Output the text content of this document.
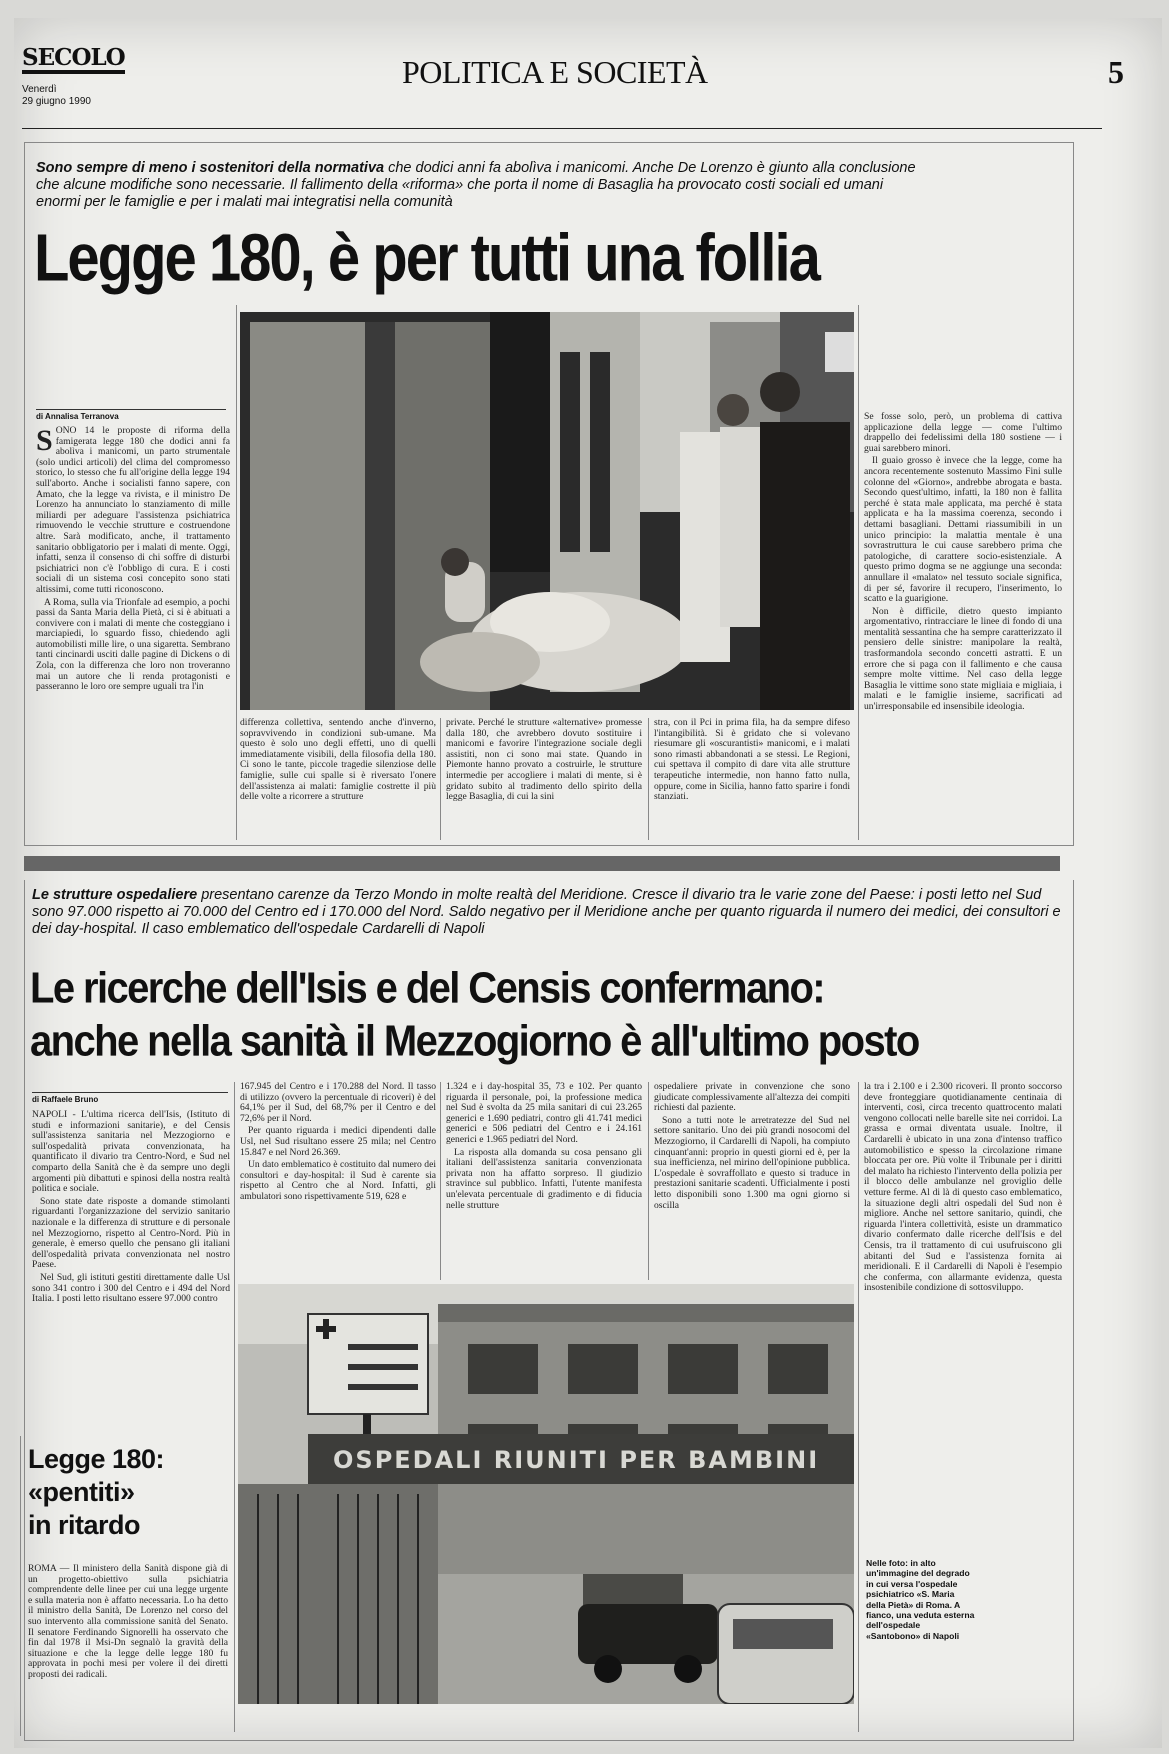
SECOLO
Venerdì
29 giugno 1990
POLITICA E SOCIETÀ	5
Sono sempre di meno i sostenitori della normativa che dodici anni fa abolìva i manicomi. Anche De Lorenzo è giunto alla conclusione che alcune modifiche sono necessarie. Il fallimento della «riforma» che porta il nome di Basaglia ha provocato costi sociali ed umani enormi per le famiglie e per i malati mai integratisi nella comunità
Legge 180, è per tutti una follia
di Annalisa Terranova

SONO 14 le proposte di riforma della famigerata legge 180 che dodici anni fa abolìva i manicomi, un parto strumentale (solo undici articoli) del clima del compromesso storico, lo stesso che fu all'origine della legge 194 sull'aborto. Anche i socialisti fanno sapere, con Amato, che la legge va rivista, e il ministro De Lorenzo ha annunciato lo stanziamento di mille miliardi per adeguare l'assistenza psichiatrica rimuovendo le vecchie strutture e costruendone altre. Sarà modificato, anche, il trattamento sanitario obbligatorio per i malati di mente. Oggi, infatti, senza il consenso di chi soffre di disturbi psichiatrici non c'è l'obbligo di cura. E i costi sociali di un sistema così concepito sono stati altissimi, come tutti riconoscono.

A Roma, sulla via Trionfale ad esempio, a pochi passi da Santa Maria della Pietà, ci si è abituati a convivere con i malati di mente che costeggiano i marciapiedi, lo sguardo fisso, chiedendo agli automobilisti mille lire, o una sigaretta. Sembrano tanti cincinardi usciti dalle pagine di Dickens o di Zola, con la differenza che loro non troveranno mai un autore che li renda protagonisti e passeranno le loro ore sempre uguali tra l'in

differenza collettiva, sentendo anche d'inverno, sopravvivendo in condizioni sub-umane. Ma questo è solo uno degli effetti, uno di quelli immediatamente visibili, della filosofia della 180. Ci sono le tante, piccole tragedie silenziose delle famiglie, sulle cui spalle si è riversato l'onere dell'assistenza ai malati: famiglie costrette il più delle volte a ricorrere a strutture

private. Perché le strutture «alternative» promesse dalla 180, che avrebbero dovuto sostituire i manicomi e favorire l'integrazione sociale degli assistiti, non ci sono mai state. Quando in Piemonte hanno provato a costruirle, le strutture intermedie per accogliere i malati di mente, si è gridato subito al tradimento dello spirito della legge Basaglia, di cui la sini

stra, con il Pci in prima fila, ha da sempre difeso l'intangibilità. Si è gridato che si volevano riesumare gli «oscurantisti» manicomi, e i malati sono rimasti abbandonati a se stessi. Le Regioni, cui spettava il compito di dare vita alle strutture terapeutiche intermedie, non hanno fatto nulla, oppure, come in Sicilia, hanno fatto sparire i fondi stanziati.

Se fosse solo, però, un problema di cattiva applicazione della legge — come l'ultimo drappello dei fedelissimi della 180 sostiene — i guai sarebbero minori.

Il guaio grosso è invece che la legge, come ha ancora recentemente sostenuto Massimo Fini sulle colonne del «Giorno», andrebbe abrogata e basta. Secondo quest'ultimo, infatti, la 180 non è fallita perché è stata male applicata, ma perché è stata applicata e ha la massima coerenza, secondo i dettami basagliani. Dettami riassumibili in un unico principio: la malattia mentale è una sovrastruttura le cui cause sarebbero prima che patologiche, di carattere socio-esistenziale. A questo primo dogma se ne aggiunge una seconda: annullare il «malato» nel tessuto sociale significa, di per sé, favorire il recupero, l'inserimento, lo scatto e la guarigione.

Non è difficile, dietro questo impianto argomentativo, rintracciare le linee di fondo di una mentalità sessantina che ha sempre caratterizzato il pensiero delle sinistre: manipolare la realtà, trasformandola secondo concetti astratti. E un errore che si paga con il fallimento e che causa sempre molte vittime. Nel caso della legge Basaglia le vittime sono state migliaia e migliaia, i malati e le famiglie insieme, sacrificati ad un'irresponsabile ed insensibile ideologia.

Le strutture ospedaliere presentano carenze da Terzo Mondo in molte realtà del Meridione. Cresce il divario tra le varie zone del Paese: i posti letto nel Sud sono 97.000 rispetto ai 70.000 del Centro ed i 170.000 del Nord. Saldo negativo per il Meridione anche per quanto riguarda il numero dei medici, dei consultori e dei day-hospital. Il caso emblematico dell'ospedale Cardarelli di Napoli
Le ricerche dell'Isis e del Censis confermano:
anche nella sanità il Mezzogiorno è all'ultimo posto
di Raffaele Bruno

NAPOLI - L'ultima ricerca dell'Isis, (Istituto di studi e informazioni sanitarie), e del Censis sull'assistenza sanitaria nel Mezzogiorno e sull'ospedalità privata convenzionata, ha quantificato il divario tra Centro-Nord, e Sud nel comparto della Sanità che è da sempre uno degli argomenti più dibattuti e spinosi della nostra realtà politica e sociale.

Sono state date risposte a domande stimolanti riguardanti l'organizzazione del servizio sanitario nazionale e la differenza di strutture e di personale nel Mezzogiorno, rispetto al Centro-Nord. Più in generale, è emerso quello che pensano gli italiani dell'ospedalità privata convenzionata nel nostro Paese.

Nel Sud, gli istituti gestiti direttamente dalle Usl sono 341 contro i 300 del Centro e i 494 del Nord Italia. I posti letto risultano essere 97.000 contro

167.945 del Centro e i 170.288 del Nord. Il tasso di utilizzo (ovvero la percentuale di ricoveri) è del 64,1% per il Sud, del 68,7% per il Centro e del 72,6% per il Nord.

Per quanto riguarda i medici dipendenti dalle Usl, nel Sud risultano essere 25 mila; nel Centro 15.847 e nel Nord 26.369.

Un dato emblematico è costituito dal numero dei consultori e day-hospital: il Sud è carente sia rispetto al Centro che al Nord. Infatti, gli ambulatori sono rispettivamente 519, 628 e

1.324 e i day-hospital 35, 73 e 102. Per quanto riguarda il personale, poi, la professione medica nel Sud è svolta da 25 mila sanitari di cui 23.265 generici e 1.690 pediatri, contro gli 41.741 medici generici e 506 pediatri del Centro e i 24.161 generici e 1.965 pediatri del Nord.

La risposta alla domanda su cosa pensano gli italiani dell'assistenza sanitaria convenzionata privata non ha affatto sorpreso. Il giudizio stravince sul pubblico. Infatti, l'utente manifesta un'elevata percentuale di gradimento e di fiducia nelle strutture

ospedaliere private in convenzione che sono giudicate complessivamente all'altezza dei compiti richiesti dal paziente.

Sono a tutti note le arretratezze del Sud nel settore sanitario. Uno dei più grandi nosocomi del Mezzogiorno, il Cardarelli di Napoli, ha compiuto cinquant'anni: proprio in questi giorni ed è, per la sua inefficienza, nel mirino dell'opinione pubblica. L'ospedale è sovraffollato e questo si traduce in prestazioni sanitarie scadenti. Ufficialmente i posti letto disponibili sono 1.300 ma ogni giorno si oscilla

la tra i 2.100 e i 2.300 ricoveri. Il pronto soccorso deve fronteggiare quotidianamente centinaia di interventi, così, circa trecento quattrocento malati vengono collocati nelle barelle site nei corridoi. La grassa e ormai diventata usuale. Inoltre, il Cardarelli è ubicato in una zona d'intenso traffico automobilistico e spesso la circolazione rimane bloccata per ore. Più volte il Tribunale per i diritti del malato ha richiesto l'intervento della polizia per il blocco delle ambulanze nel groviglio delle vetture ferme. Al di là di questo caso emblematico, la situazione degli altri ospedali del Sud non è migliore. Anche nel settore sanitario, quindi, che riguarda l'intera collettività, esiste un drammatico divario confermato dalle ricerche dell'Isis e del Censis, tra il trattamento di cui usufruiscono gli abitanti del Sud e l'assistenza fornita ai meridionali. E il Cardarelli di Napoli è l'esempio che conferma, con allarmante evidenza, questa insostenibile condizione di sottosviluppo.

OSPEDALI RIUNITI PER BAMBINI
Legge 180:
«pentiti»
in ritardo

ROMA — Il ministero della Sanità dispone già di un progetto-obiettivo sulla psichiatria comprendente delle linee per cui una legge urgente e sulla materia non è affatto necessaria. Lo ha detto il ministro della Sanità, De Lorenzo nel corso del suo intervento alla commissione sanità del Senato. Il senatore Ferdinando Signorelli ha osservato che fin dal 1978 il Msi-Dn segnalò la gravità della situazione e che la legge delle legge 180 fu approvata in pochi mesi per volere il dei diretti proposti dei radicali.

Nelle foto: in alto un'immagine del degrado in cui versa l'ospedale psichiatrico «S. Maria della Pietà» di Roma. A fianco, una veduta esterna dell'ospedale «Santobono» di Napoli
